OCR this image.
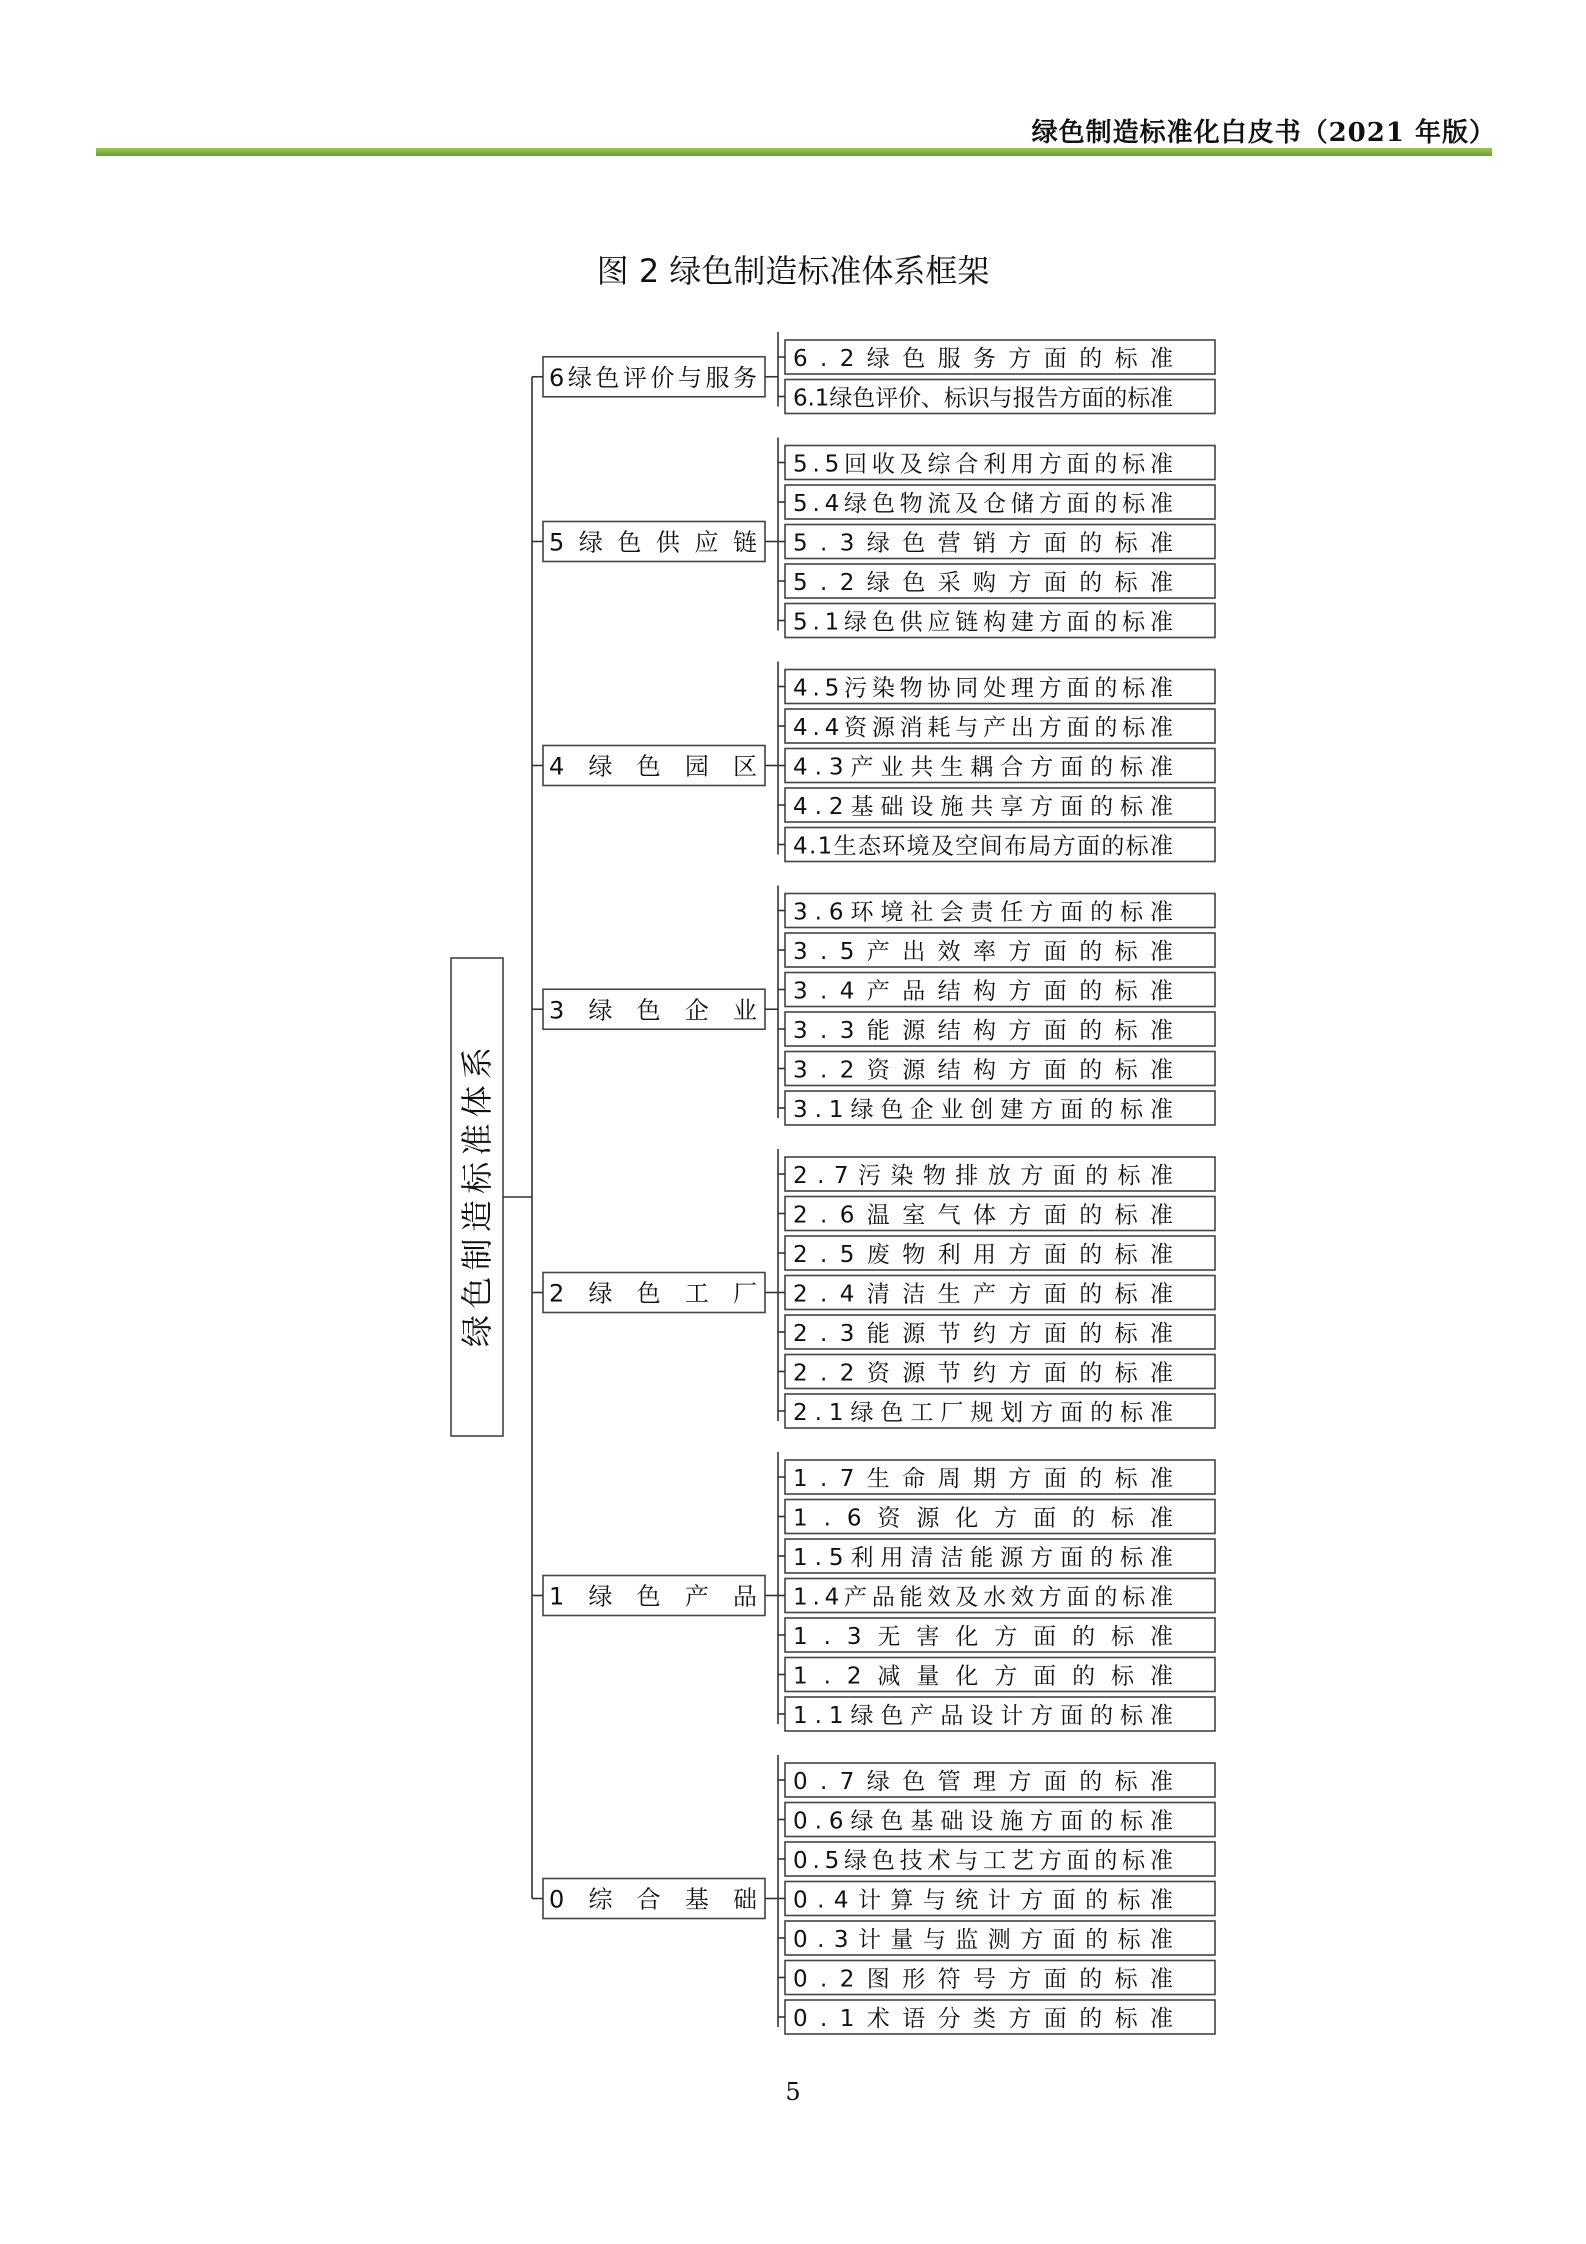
绿色制造标准化白皮书（2021 年版）
图 2 绿色制造标准体系框架
6.2绿色服务方面的标准
6.1绿色评价、标识与报告方面的标准
6绿色评价与服务
5.5回收及综合利用方面的标准
5.4绿色物流及仓储方面的标准
5.3绿色营销方面的标准
5.2绿色采购方面的标准
5.1绿色供应链构建方面的标准
5绿色供应链
4.5污染物协同处理方面的标准
4.4资源消耗与产出方面的标准
4.3产业共生耦合方面的标准
4.2基础设施共享方面的标准
4.1生态环境及空间布局方面的标准
4绿色园区
3.6环境社会责任方面的标准
3.5产出效率方面的标准
3.4产品结构方面的标准
3.3能源结构方面的标准
3.2资源结构方面的标准
3.1绿色企业创建方面的标准
3绿色企业
2.7污染物排放方面的标准
2.6温室气体方面的标准
2.5废物利用方面的标准
2.4清洁生产方面的标准
2.3能源节约方面的标准
2.2资源节约方面的标准
2.1绿色工厂规划方面的标准
2绿色工厂
1.7生命周期方面的标准
1.6资源化方面的标准
1.5利用清洁能源方面的标准
1.4产品能效及水效方面的标准
1.3无害化方面的标准
1.2减量化方面的标准
1.1绿色产品设计方面的标准
1绿色产品
0.7绿色管理方面的标准
0.6绿色基础设施方面的标准
0.5绿色技术与工艺方面的标准
0.4计算与统计方面的标准
0.3计量与监测方面的标准
0.2图形符号方面的标准
0.1术语分类方面的标准
0综合基础
绿色制造标准体系
5
